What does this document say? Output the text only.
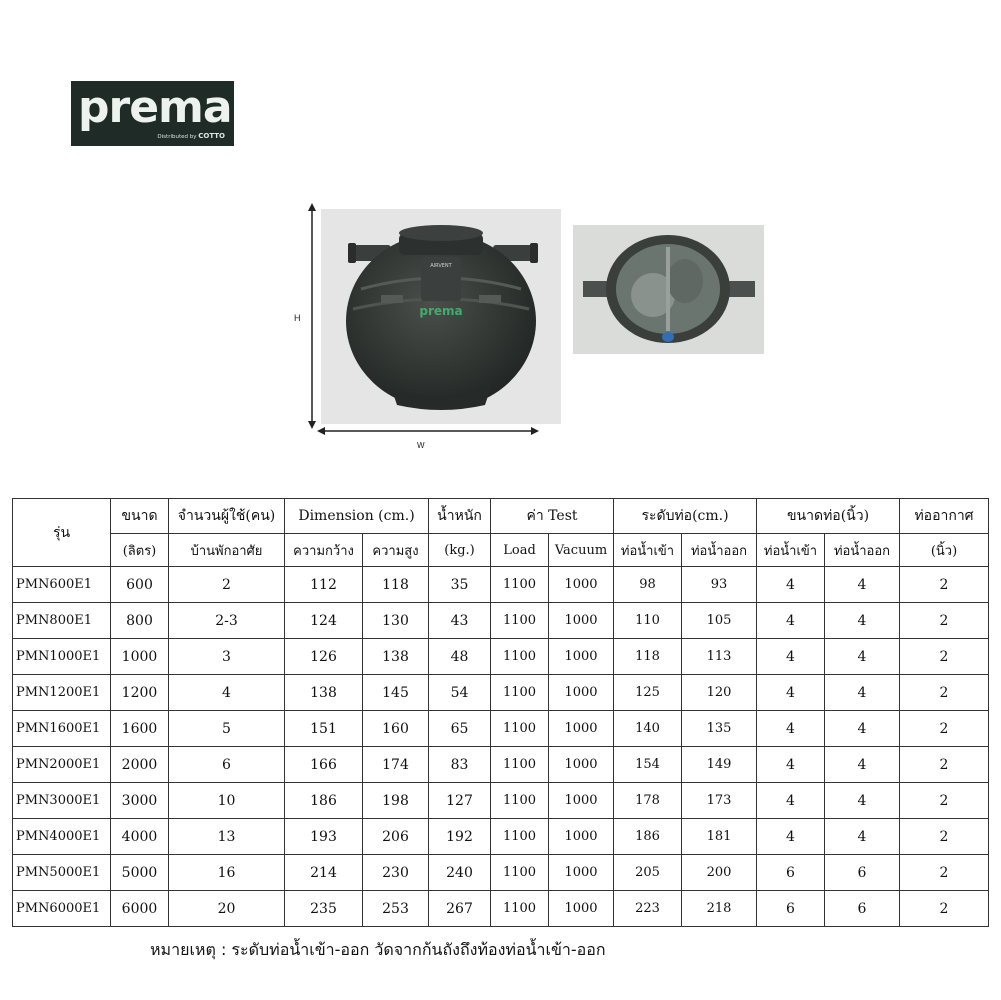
prema
Distributed by COTTO
H
W
AIRVENT
prema
รุ่น	ขนาด	จำนวนผู้ใช้(คน)	Dimension (cm.)		น้ำหนัก	ค่า Test		ระดับท่อ(cm.)		ขนาดท่อ(นิ้ว)		ท่ออากาศ
	(ลิตร)	บ้านพักอาศัย	ความกว้าง	ความสูง	(kg.)	Load	Vacuum	ท่อน้ำเข้า	ท่อน้ำออก	ท่อน้ำเข้า	ท่อน้ำออก	(นิ้ว)
PMN600E1	600	2	112	118	35	1100	1000	98	93	4	4	2
PMN800E1	800	2-3	124	130	43	1100	1000	110	105	4	4	2
PMN1000E1	1000	3	126	138	48	1100	1000	118	113	4	4	2
PMN1200E1	1200	4	138	145	54	1100	1000	125	120	4	4	2
PMN1600E1	1600	5	151	160	65	1100	1000	140	135	4	4	2
PMN2000E1	2000	6	166	174	83	1100	1000	154	149	4	4	2
PMN3000E1	3000	10	186	198	127	1100	1000	178	173	4	4	2
PMN4000E1	4000	13	193	206	192	1100	1000	186	181	4	4	2
PMN5000E1	5000	16	214	230	240	1100	1000	205	200	6	6	2
PMN6000E1	6000	20	235	253	267	1100	1000	223	218	6	6	2
หมายเหตุ : ระดับท่อน้ำเข้า-ออก วัดจากก้นถังถึงท้องท่อน้ำเข้า-ออก
